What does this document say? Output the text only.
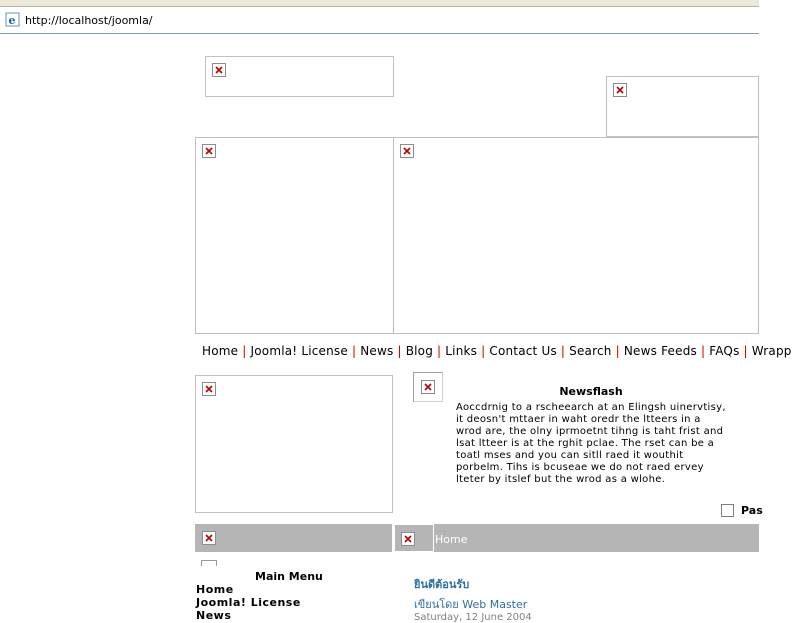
e http://localhost/joomla/
Home | Joomla! License | News | Blog | Links | Contact Us | Search | News Feeds | FAQs | Wrapp
Newsflash
Aoccdrnig to a rscheearch at an Elingsh uinervtisy, it deosn't mttaer in waht oredr the ltteers in a wrod are, the olny iprmoetnt tihng is taht frist and lsat ltteer is at the rghit pclae. The rset can be a toatl mses and you can sitll raed it wouthit porbelm. Tihs is bcuseae we do not raed ervey lteter by itslef but the wrod as a wlohe.
Pas
Home
Main Menu
Home
Joomla! License
News
ยินดีต้อนรับ
เขียนโดย Web Master
Saturday, 12 June 2004
